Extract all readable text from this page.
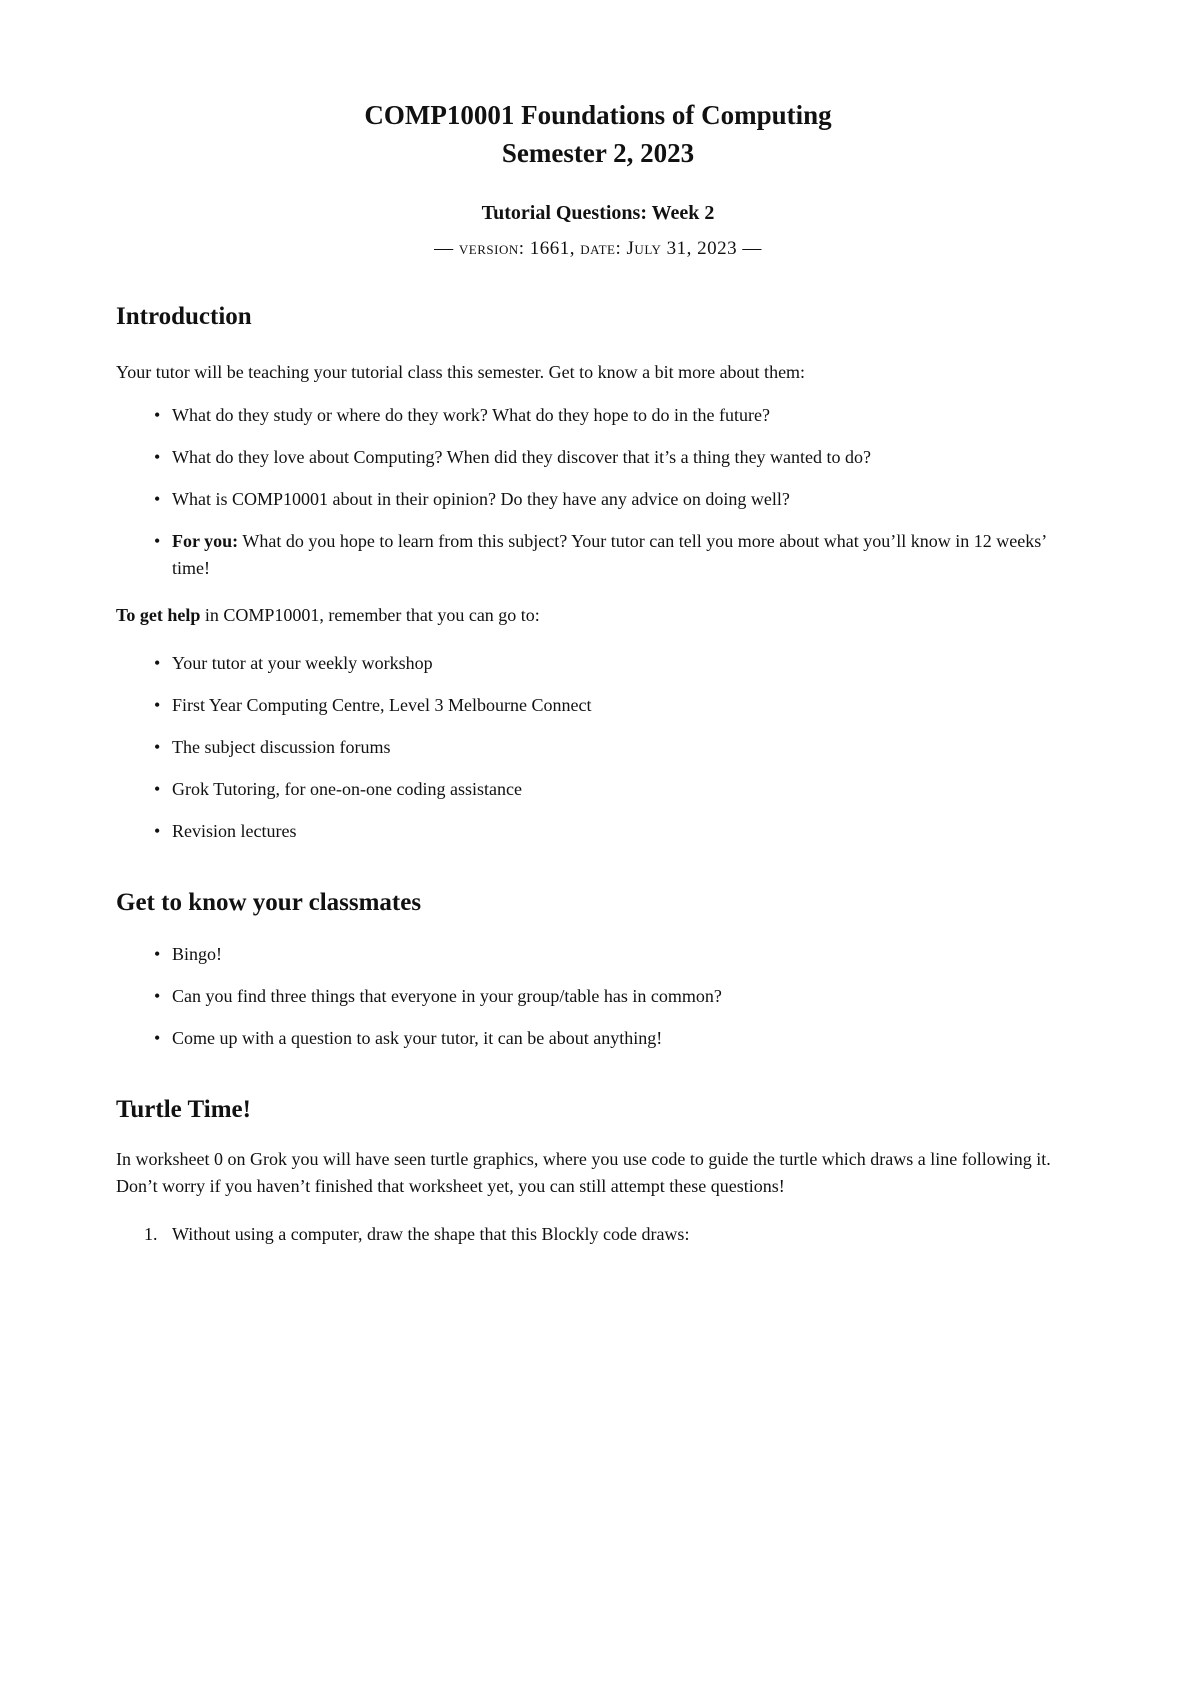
COMP10001 Foundations of Computing
Semester 2, 2023

Tutorial Questions: Week 2

— version: 1661, date: July 31, 2023 —

Introduction

Your tutor will be teaching your tutorial class this semester. Get to know a bit more about them:

• What do they study or where do they work? What do they hope to do in the future?
• What do they love about Computing? When did they discover that it’s a thing they wanted to do?
• What is COMP10001 about in their opinion? Do they have any advice on doing well?
• For you: What do you hope to learn from this subject? Your tutor can tell you more about what you’ll know in 12 weeks’ time!

To get help in COMP10001, remember that you can go to:

• Your tutor at your weekly workshop
• First Year Computing Centre, Level 3 Melbourne Connect
• The subject discussion forums
• Grok Tutoring, for one-on-one coding assistance
• Revision lectures
Get to know your classmates
• Bingo!
• Can you find three things that everyone in your group/table has in common?
• Come up with a question to ask your tutor, it can be about anything!
Turtle Time!

In worksheet 0 on Grok you will have seen turtle graphics, where you use code to guide the turtle which draws a line following it. Don’t worry if you haven’t finished that worksheet yet, you can still attempt these questions!

1. Without using a computer, draw the shape that this Blockly code draws:
